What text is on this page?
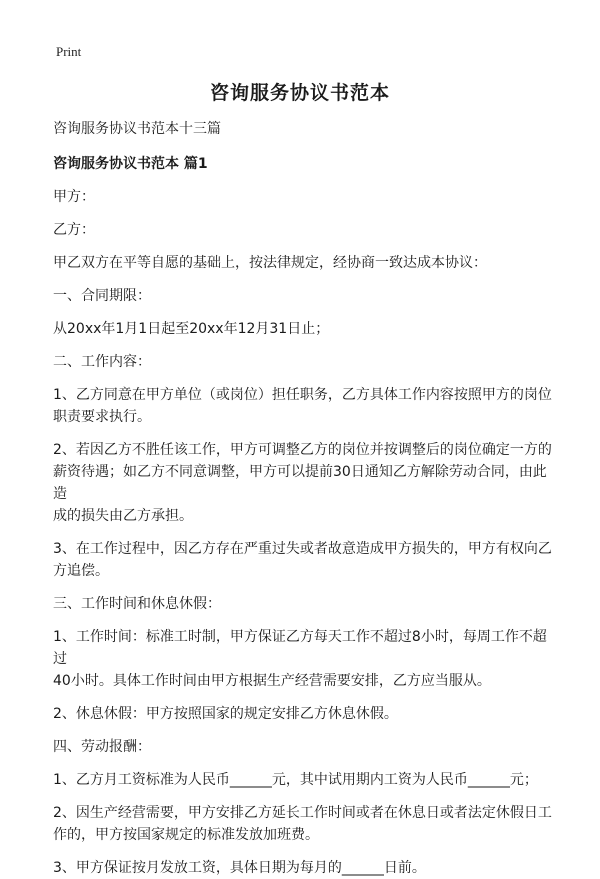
Print
咨询服务协议书范本

咨询服务协议书范本十三篇

咨询服务协议书范本 篇1

甲方：

乙方：

甲乙双方在平等自愿的基础上，按法律规定，经协商一致达成本协议：

一、合同期限：

从20xx年1月1日起至20xx年12月31日止；

二、工作内容：

1、乙方同意在甲方单位（或岗位）担任职务，乙方具体工作内容按照甲方的岗位
职责要求执行。

2、若因乙方不胜任该工作，甲方可调整乙方的岗位并按调整后的岗位确定一方的
薪资待遇；如乙方不同意调整，甲方可以提前30日通知乙方解除劳动合同，由此造
成的损失由乙方承担。

3、在工作过程中，因乙方存在严重过失或者故意造成甲方损失的，甲方有权向乙
方追偿。

三、工作时间和休息休假：

1、工作时间：标准工时制，甲方保证乙方每天工作不超过8小时，每周工作不超过
40小时。具体工作时间由甲方根据生产经营需要安排，乙方应当服从。

2、休息休假：甲方按照国家的规定安排乙方休息休假。

四、劳动报酬：

1、乙方月工资标准为人民币______元，其中试用期内工资为人民币______元；

2、因生产经营需要，甲方安排乙方延长工作时间或者在休息日或者法定休假日工
作的，甲方按国家规定的标准发放加班费。

3、甲方保证按月发放工资，具体日期为每月的______日前。
